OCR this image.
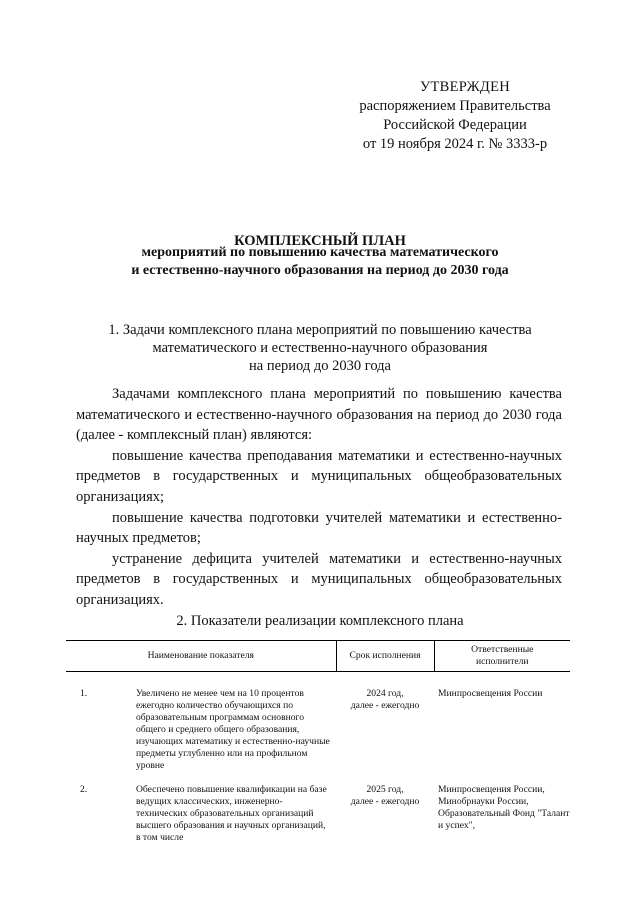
УТВЕРЖДЕН
распоряжением Правительства
Российской Федерации
от 19 ноября 2024 г. № 3333-р
КОМПЛЕКСНЫЙ ПЛАН
мероприятий по повышению качества математического
и естественно-научного образования на период до 2030 года
1. Задачи комплексного плана мероприятий по повышению качества
математического и естественно-научного образования
на период до 2030 года

Задачами комплексного плана мероприятий по повышению качества математического и естественно-научного образования на период до 2030 года (далее - комплексный план) являются:

повышение качества преподавания математики и естественно-научных предметов в государственных и муниципальных общеобразовательных организациях;

повышение качества подготовки учителей математики и естественно-научных предметов;

устранение дефицита учителей математики и естественно-научных предметов в государственных и муниципальных общеобразовательных организациях.

2. Показатели реализации комплексного плана
Наименование показателя		Срок исполнения	Ответственные
исполнители

1.	Увеличено не менее чем на 10 процентов ежегодно количество обучающихся по образовательным программам основного общего и среднего общего образования, изучающих математику и естественно-научные предметы углубленно или на профильном уровне	2024 год,
далее - ежегодно	Минпросвещения России
2.	Обеспечено повышение квалификации на базе ведущих классических, инженерно-технических образовательных организаций высшего образования и научных организаций, в том числе	2025 год,
далее - ежегодно	Минпросвещения России, Минобрнауки России, Образовательный Фонд "Талант и успех",
